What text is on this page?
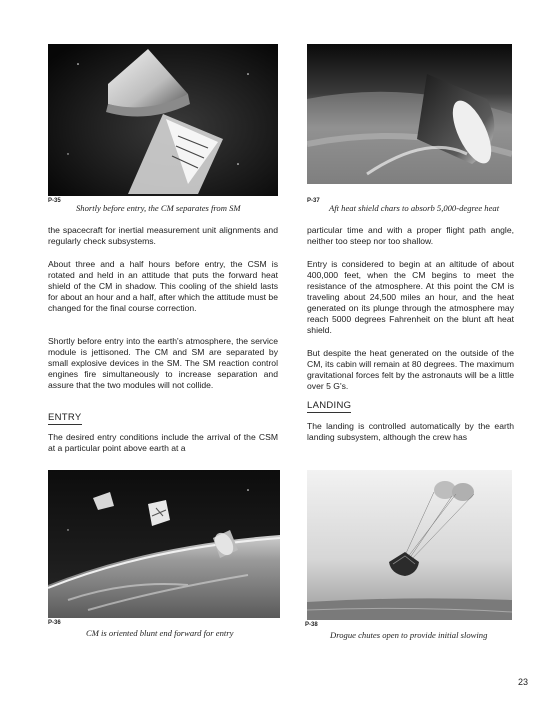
P-35
Shortly before entry, the CM separates from SM
P-37
Aft heat shield chars to absorb 5,000-degree heat

the spacecraft for inertial measurement unit alignments and regularly check subsystems.

About three and a half hours before entry, the CSM is rotated and held in an attitude that puts the forward heat shield of the CM in shadow. This cooling of the shield lasts for about an hour and a half, after which the attitude must be changed for the final course correction.

Shortly before entry into the earth's atmosphere, the service module is jettisoned. The CM and SM are separated by small explosive devices in the SM. The SM reaction control engines fire simultaneously to increase separation and assure that the two modules will not collide.

ENTRY

The desired entry conditions include the arrival of the CSM at a particular point above earth at a

particular time and with a proper flight path angle, neither too steep nor too shallow.

Entry is considered to begin at an altitude of about 400,000 feet, when the CM begins to meet the resistance of the atmosphere. At this point the CM is traveling about 24,500 miles an hour, and the heat generated on its plunge through the atmosphere may reach 5000 degrees Fahrenheit on the blunt aft heat shield.

But despite the heat generated on the outside of the CM, its cabin will remain at 80 degrees. The maximum gravitational forces felt by the astronauts will be a little over 5 G's.

LANDING

The landing is controlled automatically by the earth landing subsystem, although the crew has

P-36
CM is oriented blunt end forward for entry
P-38
Drogue chutes open to provide initial slowing
23
